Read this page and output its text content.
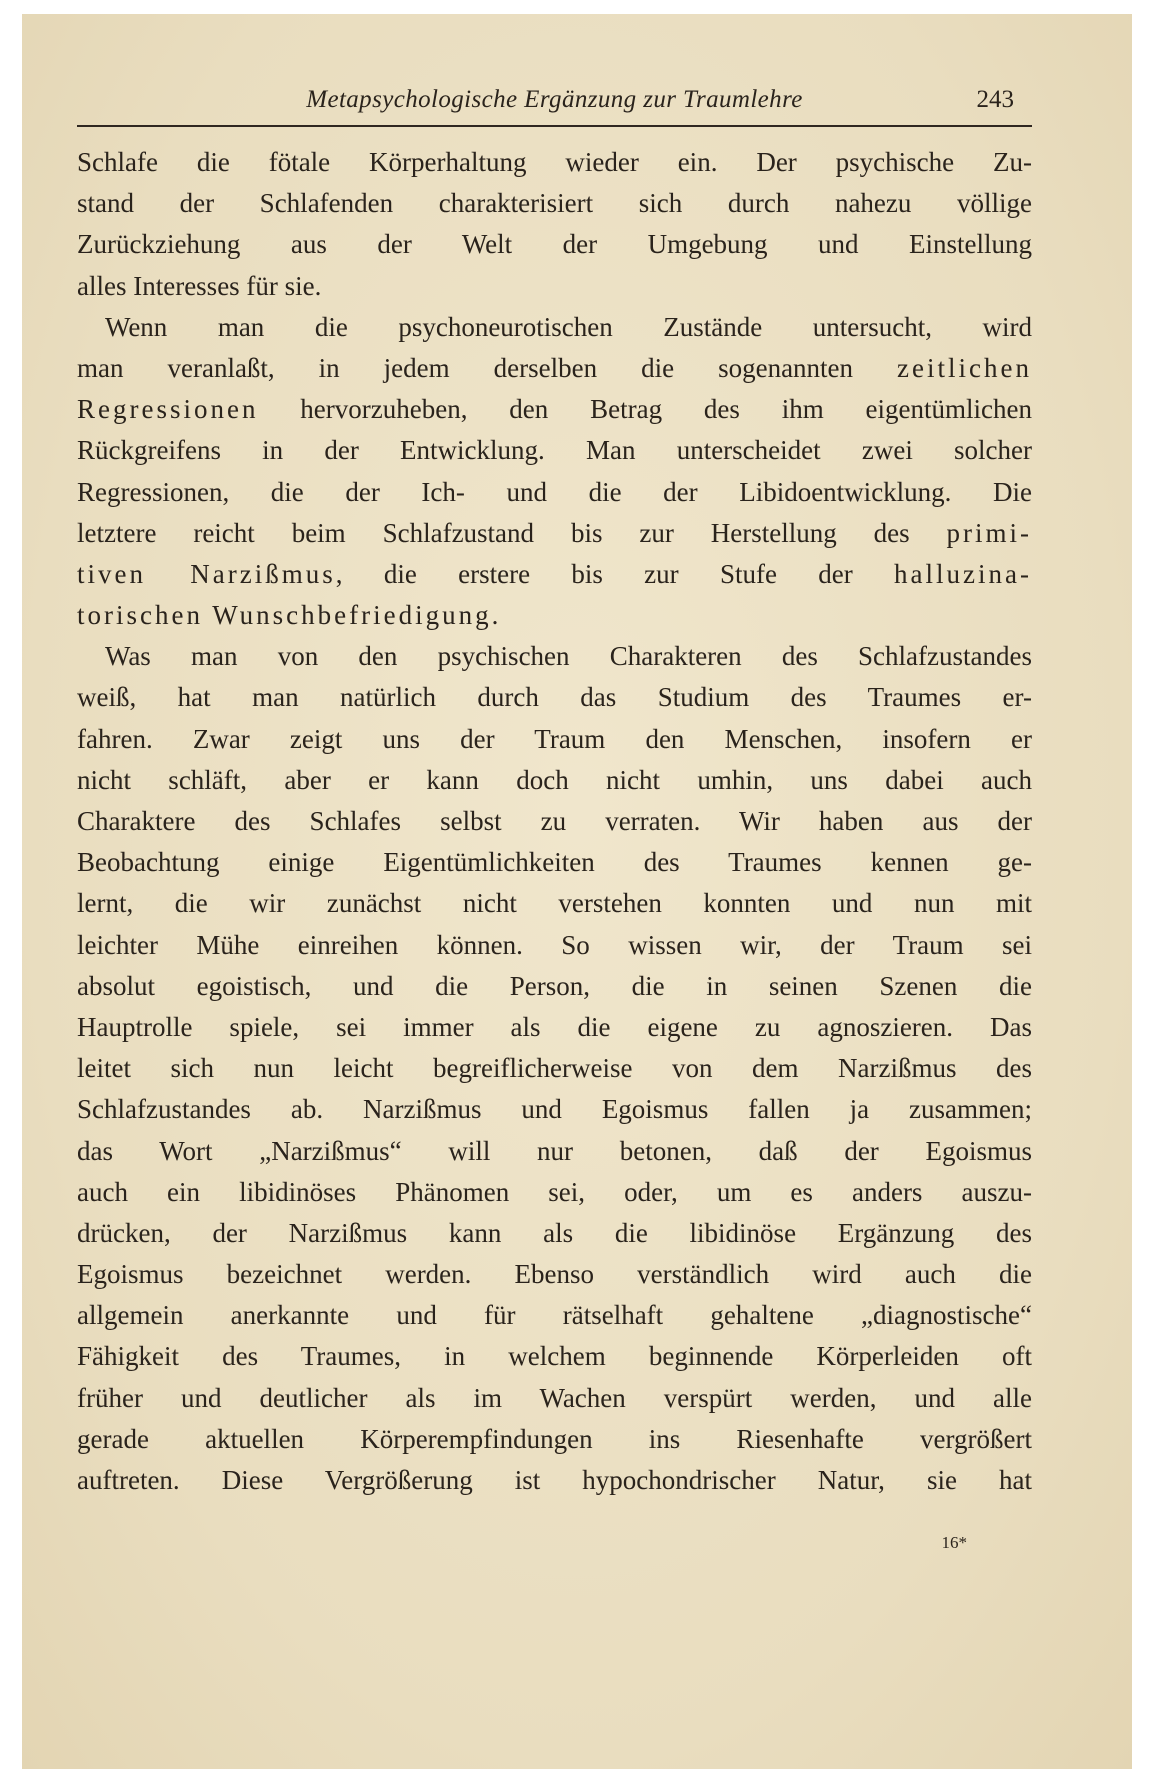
Metapsychologische Ergänzung zur Traumlehre	243
Schlafe die fötale Körperhaltung wieder ein. Der psychische Zu-
stand der Schlafenden charakterisiert sich durch nahezu völlige
Zurückziehung aus der Welt der Umgebung und Einstellung
alles Interesses für sie.
Wenn man die psychoneurotischen Zustände untersucht, wird
man veranlaßt, in jedem derselben die sogenannten zeitlichen
Regressionen hervorzuheben, den Betrag des ihm eigentümlichen
Rückgreifens in der Entwicklung. Man unterscheidet zwei solcher
Regressionen, die der Ich- und die der Libidoentwicklung. Die
letztere reicht beim Schlafzustand bis zur Herstellung des primi-
tiven Narzißmus, die erstere bis zur Stufe der halluzina-
torischen Wunschbefriedigung.
Was man von den psychischen Charakteren des Schlafzustandes
weiß, hat man natürlich durch das Studium des Traumes er-
fahren. Zwar zeigt uns der Traum den Menschen, insofern er
nicht schläft, aber er kann doch nicht umhin, uns dabei auch
Charaktere des Schlafes selbst zu verraten. Wir haben aus der
Beobachtung einige Eigentümlichkeiten des Traumes kennen ge-
lernt, die wir zunächst nicht verstehen konnten und nun mit
leichter Mühe einreihen können. So wissen wir, der Traum sei
absolut egoistisch, und die Person, die in seinen Szenen die
Hauptrolle spiele, sei immer als die eigene zu agnoszieren. Das
leitet sich nun leicht begreiflicherweise von dem Narzißmus des
Schlafzustandes ab. Narzißmus und Egoismus fallen ja zusammen;
das Wort „Narzißmus“ will nur betonen, daß der Egoismus
auch ein libidinöses Phänomen sei, oder, um es anders auszu-
drücken, der Narzißmus kann als die libidinöse Ergänzung des
Egoismus bezeichnet werden. Ebenso verständlich wird auch die
allgemein anerkannte und für rätselhaft gehaltene „diagnostische“
Fähigkeit des Traumes, in welchem beginnende Körperleiden oft
früher und deutlicher als im Wachen verspürt werden, und alle
gerade aktuellen Körperempfindungen ins Riesenhafte vergrößert
auftreten. Diese Vergrößerung ist hypochondrischer Natur, sie hat
16*
